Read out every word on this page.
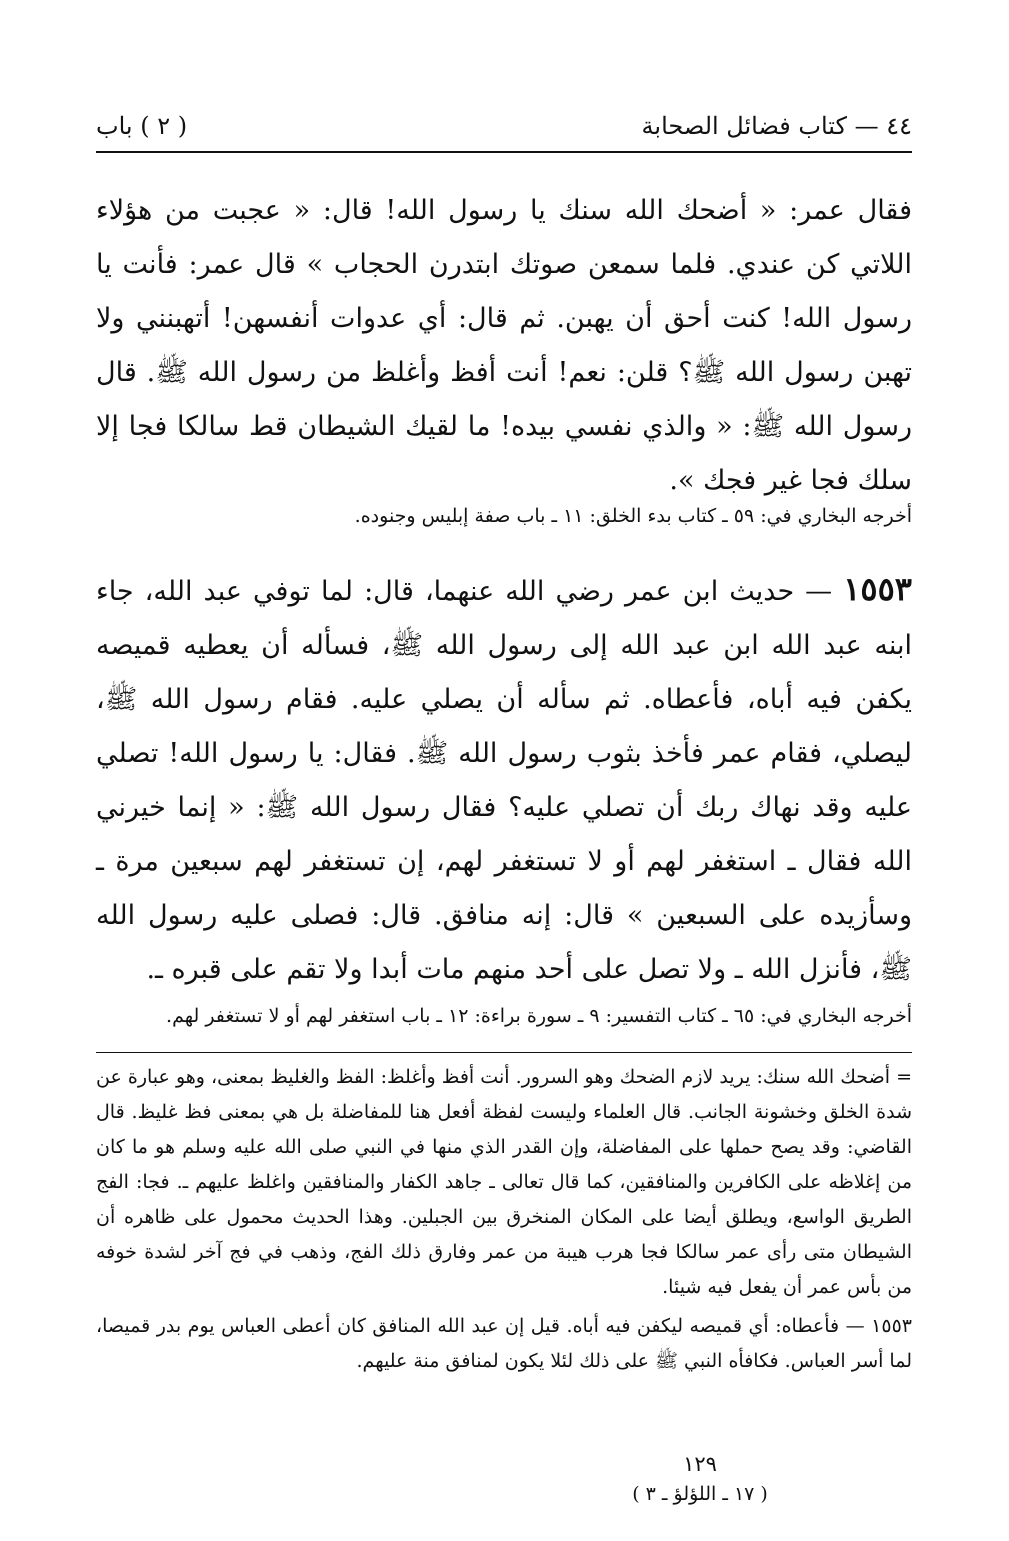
٤٤ — كتاب فضائل الصحابة
( ٢ ) باب
فقال عمر: « أضحك الله سنك يا رسول الله! قال: « عجبت من هؤلاء اللاتي كن عندي. فلما سمعن صوتك ابتدرن الحجاب » قال عمر: فأنت يا رسول الله! كنت أحق أن يهبن. ثم قال: أي عدوات أنفسهن! أتهبنني ولا تهبن رسول الله ﷺ؟ قلن: نعم! أنت أفظ وأغلظ من رسول الله ﷺ. قال رسول الله ﷺ: « والذي نفسي بيده! ما لقيك الشيطان قط سالكا فجا إلا سلك فجا غير فجك ».
أخرجه البخاري في: ٥٩ ـ كتاب بدء الخلق: ١١ ـ باب صفة إبليس وجنوده.
١٥٥٣ — حديث ابن عمر رضي الله عنهما، قال: لما توفي عبد الله، جاء ابنه عبد الله ابن عبد الله إلى رسول الله ﷺ، فسأله أن يعطيه قميصه يكفن فيه أباه، فأعطاه. ثم سأله أن يصلي عليه. فقام رسول الله ﷺ، ليصلي، فقام عمر فأخذ بثوب رسول الله ﷺ. فقال: يا رسول الله! تصلي عليه وقد نهاك ربك أن تصلي عليه؟ فقال رسول الله ﷺ: « إنما خيرني الله فقال ـ استغفر لهم أو لا تستغفر لهم، إن تستغفر لهم سبعين مرة ـ وسأزيده على السبعين » قال: إنه منافق. قال: فصلى عليه رسول الله ﷺ، فأنزل الله ـ ولا تصل على أحد منهم مات أبدا ولا تقم على قبره ـ.
أخرجه البخاري في: ٦٥ ـ كتاب التفسير: ٩ ـ سورة براءة: ١٢ ـ باب استغفر لهم أو لا تستغفر لهم.

= أضحك الله سنك: يريد لازم الضحك وهو السرور. أنت أفظ وأغلظ: الفظ والغليظ بمعنى، وهو عبارة عن شدة الخلق وخشونة الجانب. قال العلماء وليست لفظة أفعل هنا للمفاضلة بل هي بمعنى فظ غليظ. قال القاضي: وقد يصح حملها على المفاضلة، وإن القدر الذي منها في النبي صلى الله عليه وسلم هو ما كان من إغلاظه على الكافرين والمنافقين، كما قال تعالى ـ جاهد الكفار والمنافقين واغلظ عليهم ـ. فجا: الفج الطريق الواسع، ويطلق أيضا على المكان المنخرق بين الجبلين. وهذا الحديث محمول على ظاهره أن الشيطان متى رأى عمر سالكا فجا هرب هيبة من عمر وفارق ذلك الفج، وذهب في فج آخر لشدة خوفه من بأس عمر أن يفعل فيه شيئا.

١٥٥٣ — فأعطاه: أي قميصه ليكفن فيه أباه. قيل إن عبد الله المنافق كان أعطى العباس يوم بدر قميصا، لما أسر العباس. فكافأه النبي ﷺ على ذلك لئلا يكون لمنافق منة عليهم.

١٢٩
( ١٧ ـ اللؤلؤ ـ ٣ )
